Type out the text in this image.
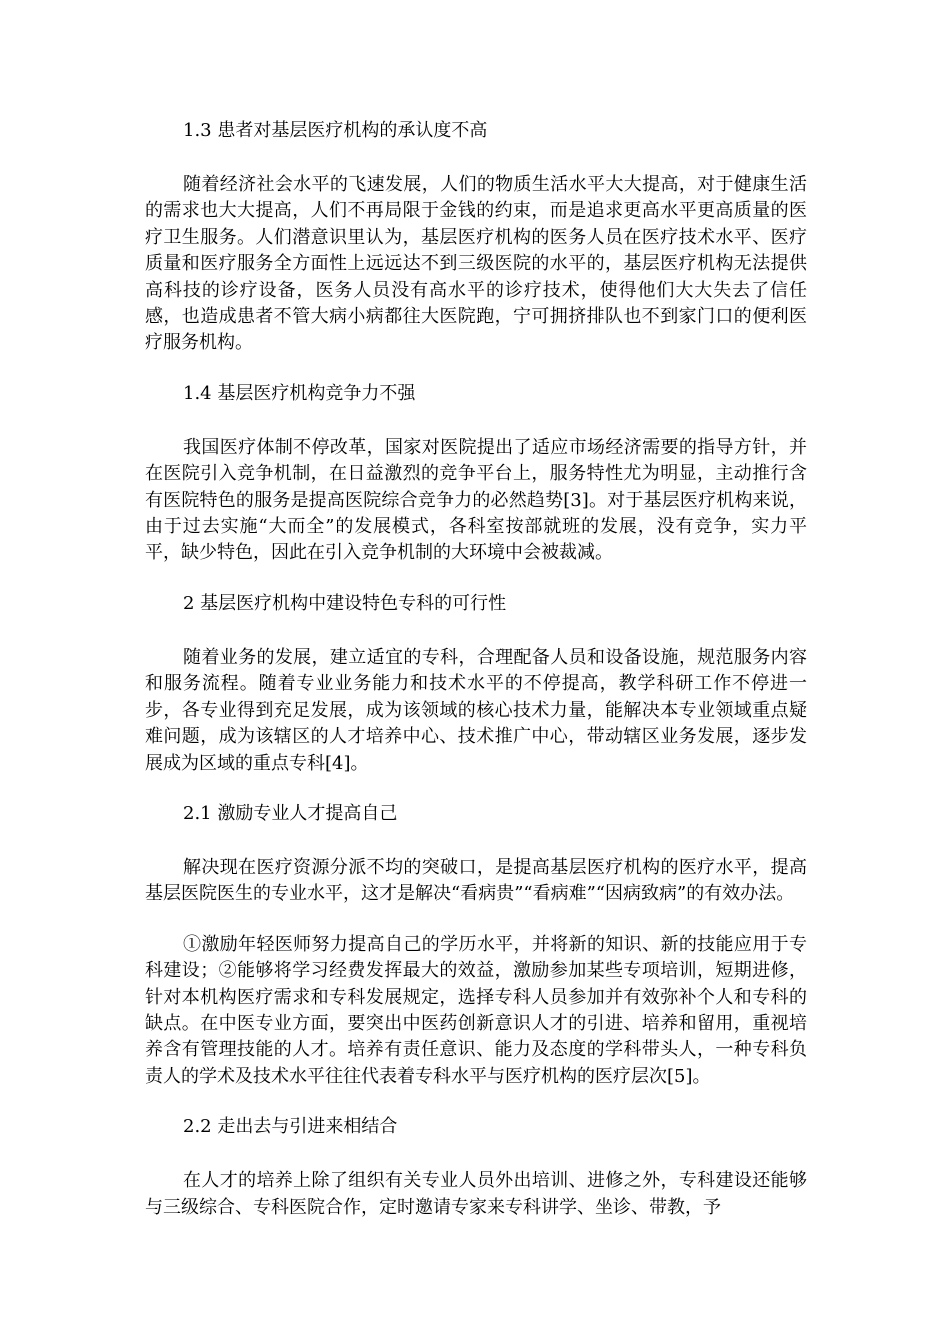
1.3 患者对基层医疗机构的承认度不高

随着经济社会水平的飞速发展，人们的物质生活水平大大提高，对于健康生活的需求也大大提高，人们不再局限于金钱的约束，而是追求更高水平更高质量的医疗卫生服务。人们潜意识里认为，基层医疗机构的医务人员在医疗技术水平、医疗质量和医疗服务全方面性上远远达不到三级医院的水平的，基层医疗机构无法提供高科技的诊疗设备，医务人员没有高水平的诊疗技术，使得他们大大失去了信任感，也造成患者不管大病小病都往大医院跑，宁可拥挤排队也不到家门口的便利医疗服务机构。

1.4 基层医疗机构竞争力不强

我国医疗体制不停改革，国家对医院提出了适应市场经济需要的指导方针，并在医院引入竞争机制，在日益激烈的竞争平台上，服务特性尤为明显，主动推行含有医院特色的服务是提高医院综合竞争力的必然趋势[3]。对于基层医疗机构来说，由于过去实施“大而全”的发展模式，各科室按部就班的发展，没有竞争，实力平平，缺少特色，因此在引入竞争机制的大环境中会被裁减。

2 基层医疗机构中建设特色专科的可行性

随着业务的发展，建立适宜的专科，合理配备人员和设备设施，规范服务内容和服务流程。随着专业业务能力和技术水平的不停提高，教学科研工作不停进一步，各专业得到充足发展，成为该领域的核心技术力量，能解决本专业领域重点疑难问题，成为该辖区的人才培养中心、技术推广中心，带动辖区业务发展，逐步发展成为区域的重点专科[4]。

2.1 激励专业人才提高自己

解决现在医疗资源分派不均的突破口，是提高基层医疗机构的医疗水平，提高基层医院医生的专业水平，这才是解决“看病贵”“看病难”“因病致病”的有效办法。

①激励年轻医师努力提高自己的学历水平，并将新的知识、新的技能应用于专科建设；②能够将学习经费发挥最大的效益，激励参加某些专项培训，短期进修，针对本机构医疗需求和专科发展规定，选择专科人员参加并有效弥补个人和专科的缺点。在中医专业方面，要突出中医药创新意识人才的引进、培养和留用，重视培养含有管理技能的人才。培养有责任意识、能力及态度的学科带头人，一种专科负责人的学术及技术水平往往代表着专科水平与医疗机构的医疗层次[5]。

2.2 走出去与引进来相结合

在人才的培养上除了组织有关专业人员外出培训、进修之外，专科建设还能够与三级综合、专科医院合作，定时邀请专家来专科讲学、坐诊、带教，予
